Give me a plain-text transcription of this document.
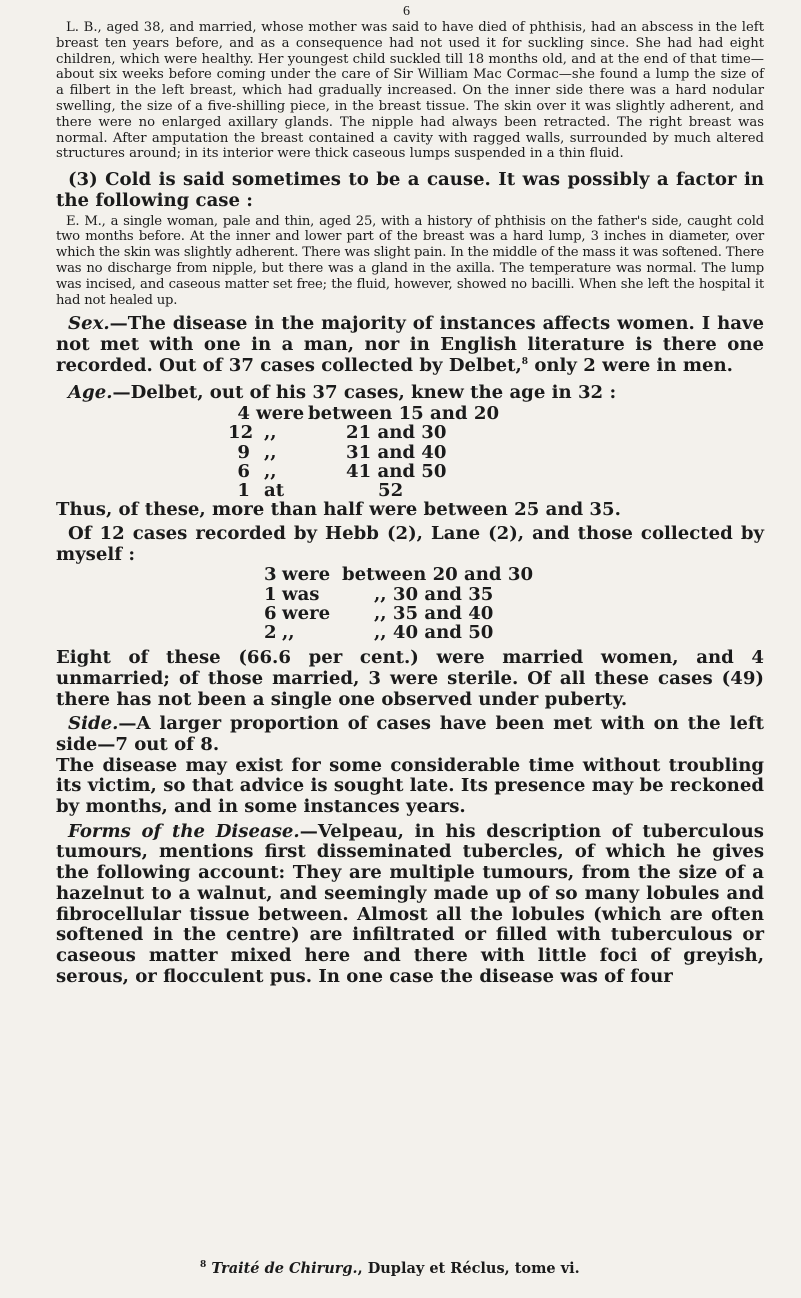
6

L. B., aged 38, and married, whose mother was said to have died of phthisis, had an abscess in the left breast ten years before, and as a consequence had not used it for suckling since. She had had eight children, which were healthy. Her youngest child suckled till 18 months old, and at the end of that time—about six weeks before coming under the care of Sir William Mac Cormac—she found a lump the size of a filbert in the left breast, which had gradually increased. On the inner side there was a hard nodular swelling, the size of a five-shilling piece, in the breast tissue. The skin over it was slightly adherent, and there were no enlarged axillary glands. The nipple had always been retracted. The right breast was normal. After amputation the breast contained a cavity with ragged walls, surrounded by much altered structures around; in its interior were thick caseous lumps suspended in a thin fluid.

(3) Cold is said sometimes to be a cause. It was possibly a factor in the following case :

E. M., a single woman, pale and thin, aged 25, with a history of phthisis on the father's side, caught cold two months before. At the inner and lower part of the breast was a hard lump, 3 inches in diameter, over which the skin was slightly adherent. There was slight pain. In the middle of the mass it was softened. There was no discharge from nipple, but there was a gland in the axilla. The temperature was normal. The lump was incised, and caseous matter set free; the fluid, however, showed no bacilli. When she left the hospital it had not healed up.

Sex.—The disease in the majority of instances affects women. I have not met with one in a man, nor in English literature is there one recorded. Out of 37 cases collected by Delbet,$^8$ only 2 were in men.

Age.—Delbet, out of his 37 cases, knew the age in 32 :

4 were between 15 and 20
12 ,,	21 and 30
9 ,,	31 and 40
6 ,,	41 and 50
1 at	52

Thus, of these, more than half were between 25 and 35.

Of 12 cases recorded by Hebb (2), Lane (2), and those collected by myself :

3 were between 20 and 30
1 was	,, 30 and 35
6 were	,, 35 and 40
2 ,,	,, 40 and 50

Eight of these (66.6 per cent.) were married women, and 4 unmarried; of those married, 3 were sterile. Of all these cases (49) there has not been a single one observed under puberty.

Side.—A larger proportion of cases have been met with on the left side—7 out of 8.

The disease may exist for some considerable time without troubling its victim, so that advice is sought late. Its presence may be reckoned by months, and in some instances years.

Forms of the Disease.—Velpeau, in his description of tuberculous tumours, mentions first disseminated tubercles, of which he gives the following account: They are multiple tumours, from the size of a hazelnut to a walnut, and seemingly made up of so many lobules and fibrocellular tissue between. Almost all the lobules (which are often softened in the centre) are infiltrated or filled with tuberculous or caseous matter mixed here and there with little foci of greyish, serous, or flocculent pus. In one case the disease was of four

$^8$ Traité de Chirurg., Duplay et Réclus, tome vi.
